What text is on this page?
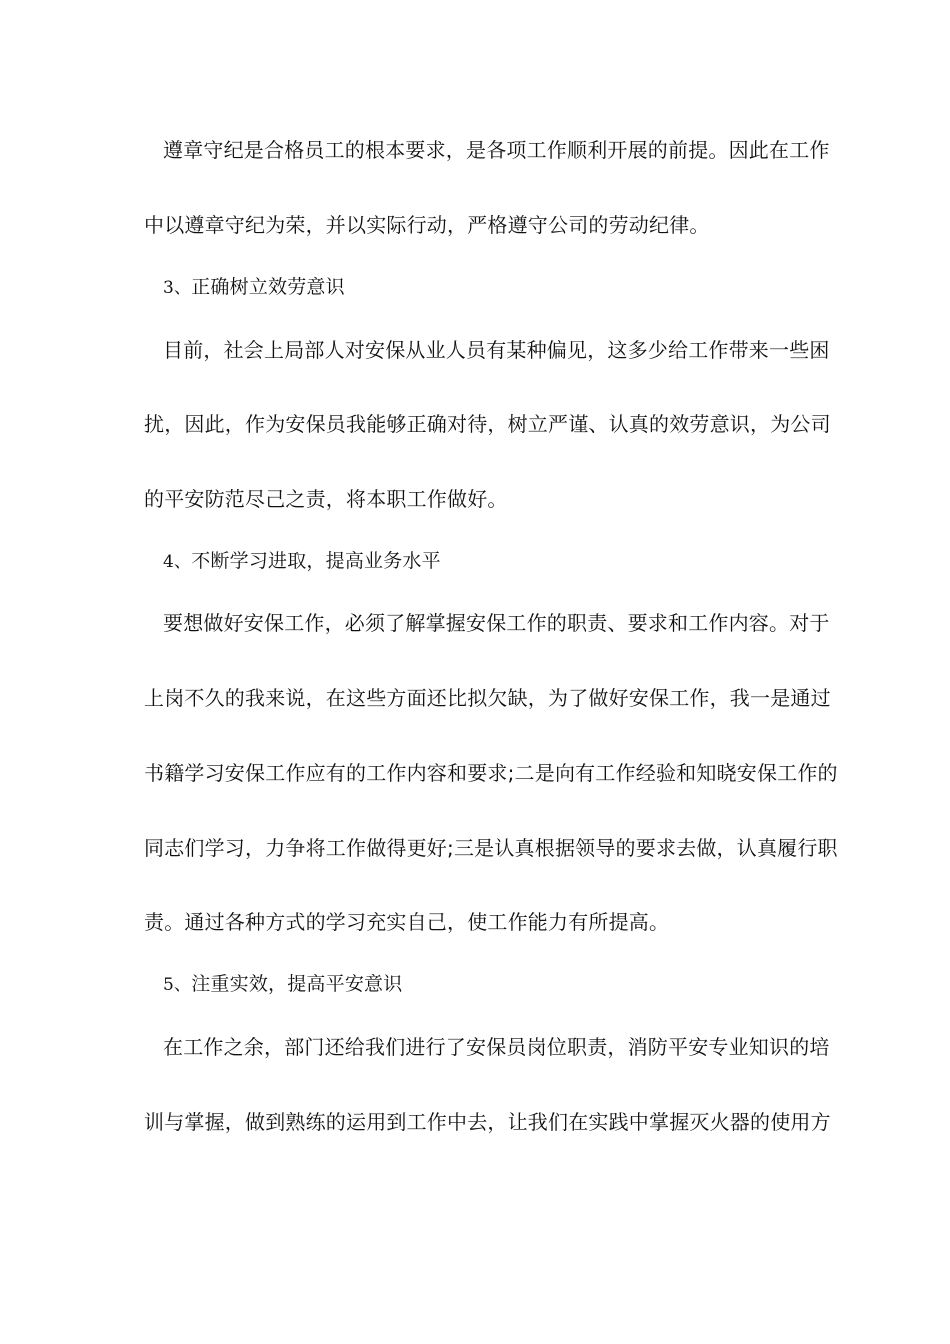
遵章守纪是合格员工的根本要求，是各项工作顺利开展的前提。因此在工作
中以遵章守纪为荣，并以实际行动，严格遵守公司的劳动纪律。
3、正确树立效劳意识
目前，社会上局部人对安保从业人员有某种偏见，这多少给工作带来一些困
扰，因此，作为安保员我能够正确对待，树立严谨、认真的效劳意识，为公司
的平安防范尽己之责，将本职工作做好。
4、不断学习进取，提高业务水平
要想做好安保工作，必须了解掌握安保工作的职责、要求和工作内容。对于
上岗不久的我来说，在这些方面还比拟欠缺，为了做好安保工作，我一是通过
书籍学习安保工作应有的工作内容和要求;二是向有工作经验和知晓安保工作的
同志们学习，力争将工作做得更好;三是认真根据领导的要求去做，认真履行职
责。通过各种方式的学习充实自己，使工作能力有所提高。
5、注重实效，提高平安意识
在工作之余，部门还给我们进行了安保员岗位职责，消防平安专业知识的培
训与掌握，做到熟练的运用到工作中去，让我们在实践中掌握灭火器的使用方
